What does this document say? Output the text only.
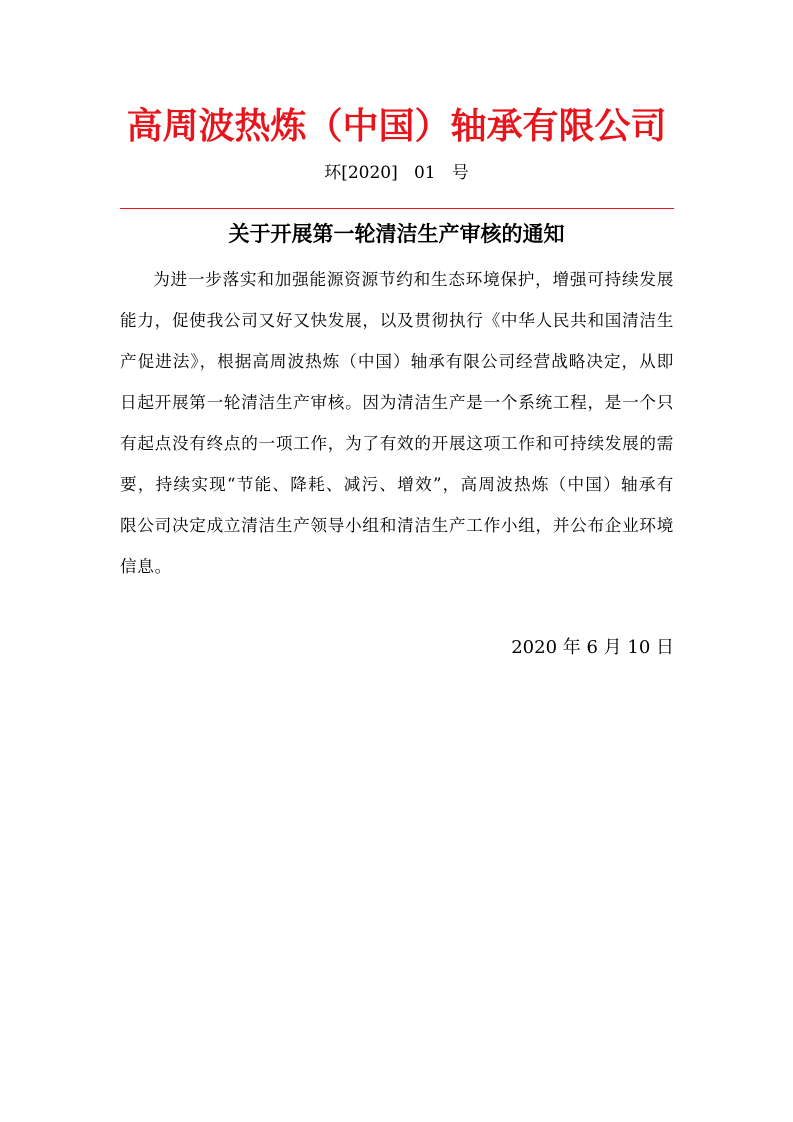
高周波热炼（中国）轴承有限公司
环[2020]   01   号
关于开展第一轮清洁生产审核的通知
为进一步落实和加强能源资源节约和生态环境保护，增强可持续发展能力，促使我公司又好又快发展，以及贯彻执行《中华人民共和国清洁生产促进法》，根据高周波热炼（中国）轴承有限公司经营战略决定，从即日起开展第一轮清洁生产审核。因为清洁生产是一个系统工程，是一个只有起点没有终点的一项工作，为了有效的开展这项工作和可持续发展的需要，持续实现“节能、降耗、减污、增效”，高周波热炼（中国）轴承有限公司决定成立清洁生产领导小组和清洁生产工作小组，并公布企业环境信息。
2020 年 6 月 10 日
